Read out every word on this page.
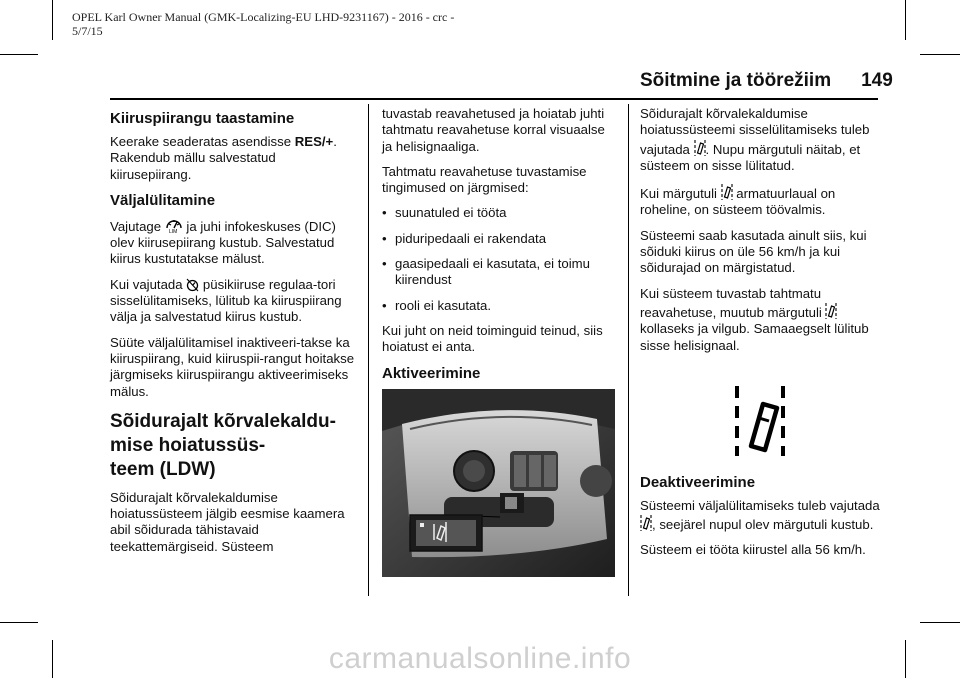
OPEL Karl Owner Manual (GMK-Localizing-EU LHD-9231167) - 2016 - crc -
5/7/15
Sõitmine ja töörežiim 149
Kiiruspiirangu taastamine

Keerake seaderatas asendisse RES/+. Rakendub mällu salvestatud kiirusepiirang.

Väljalülitamine

Vajutage LIM ja juhi infokeskuses (DIC) olev kiirusepiirang kustub. Salvestatud kiirus kustutatakse mälust.

Kui vajutada  püsikiiruse regulaa-tori sisselülitamiseks, lülitub ka kiiruspiirang välja ja salvestatud kiirus kustub.

Süüte väljalülitamisel inaktiveeri-takse ka kiiruspiirang, kuid kiiruspii-rangut hoitakse järgmiseks kiiruspiirangu aktiveerimiseks mälus.

Sõidurajalt kõrvalekaldu-
mise hoiatussüs-
teem (LDW)

Sõidurajalt kõrvalekaldumise hoiatussüsteem jälgib eesmise kaamera abil sõidurada tähistavaid teekattemärgiseid. Süsteem

tuvastab reavahetused ja hoiatab juhti tahtmatu reavahetuse korral visuaalse ja helisignaaliga.

Tahtmatu reavahetuse tuvastamise tingimused on järgmised:

• suunatuled ei tööta
• piduripedaali ei rakendata
• gaasipedaali ei kasutata, ei toimu kiirendust
• rooli ei kasutata.

Kui juht on neid toiminguid teinud, siis hoiatust ei anta.

Aktiveerimine

Sõidurajalt kõrvalekaldumise hoiatussüsteemi sisselülitamiseks tuleb vajutada . Nupu märgutuli näitab, et süsteem on sisse lülitatud.

Kui märgutuli  armatuurlaual on roheline, on süsteem töövalmis.

Süsteemi saab kasutada ainult siis, kui sõiduki kiirus on üle 56 km/h ja kui sõidurajad on märgistatud.

Kui süsteem tuvastab tahtmatu reavahetuse, muutub märgutuli  kollaseks ja vilgub. Samaaegselt lülitub sisse helisignaal.

Deaktiveerimine

Süsteemi väljalülitamiseks tuleb vajutada , seejärel nupul olev märgutuli kustub.

Süsteem ei tööta kiirustel alla 56 km/h.

carmanualsonline.info
